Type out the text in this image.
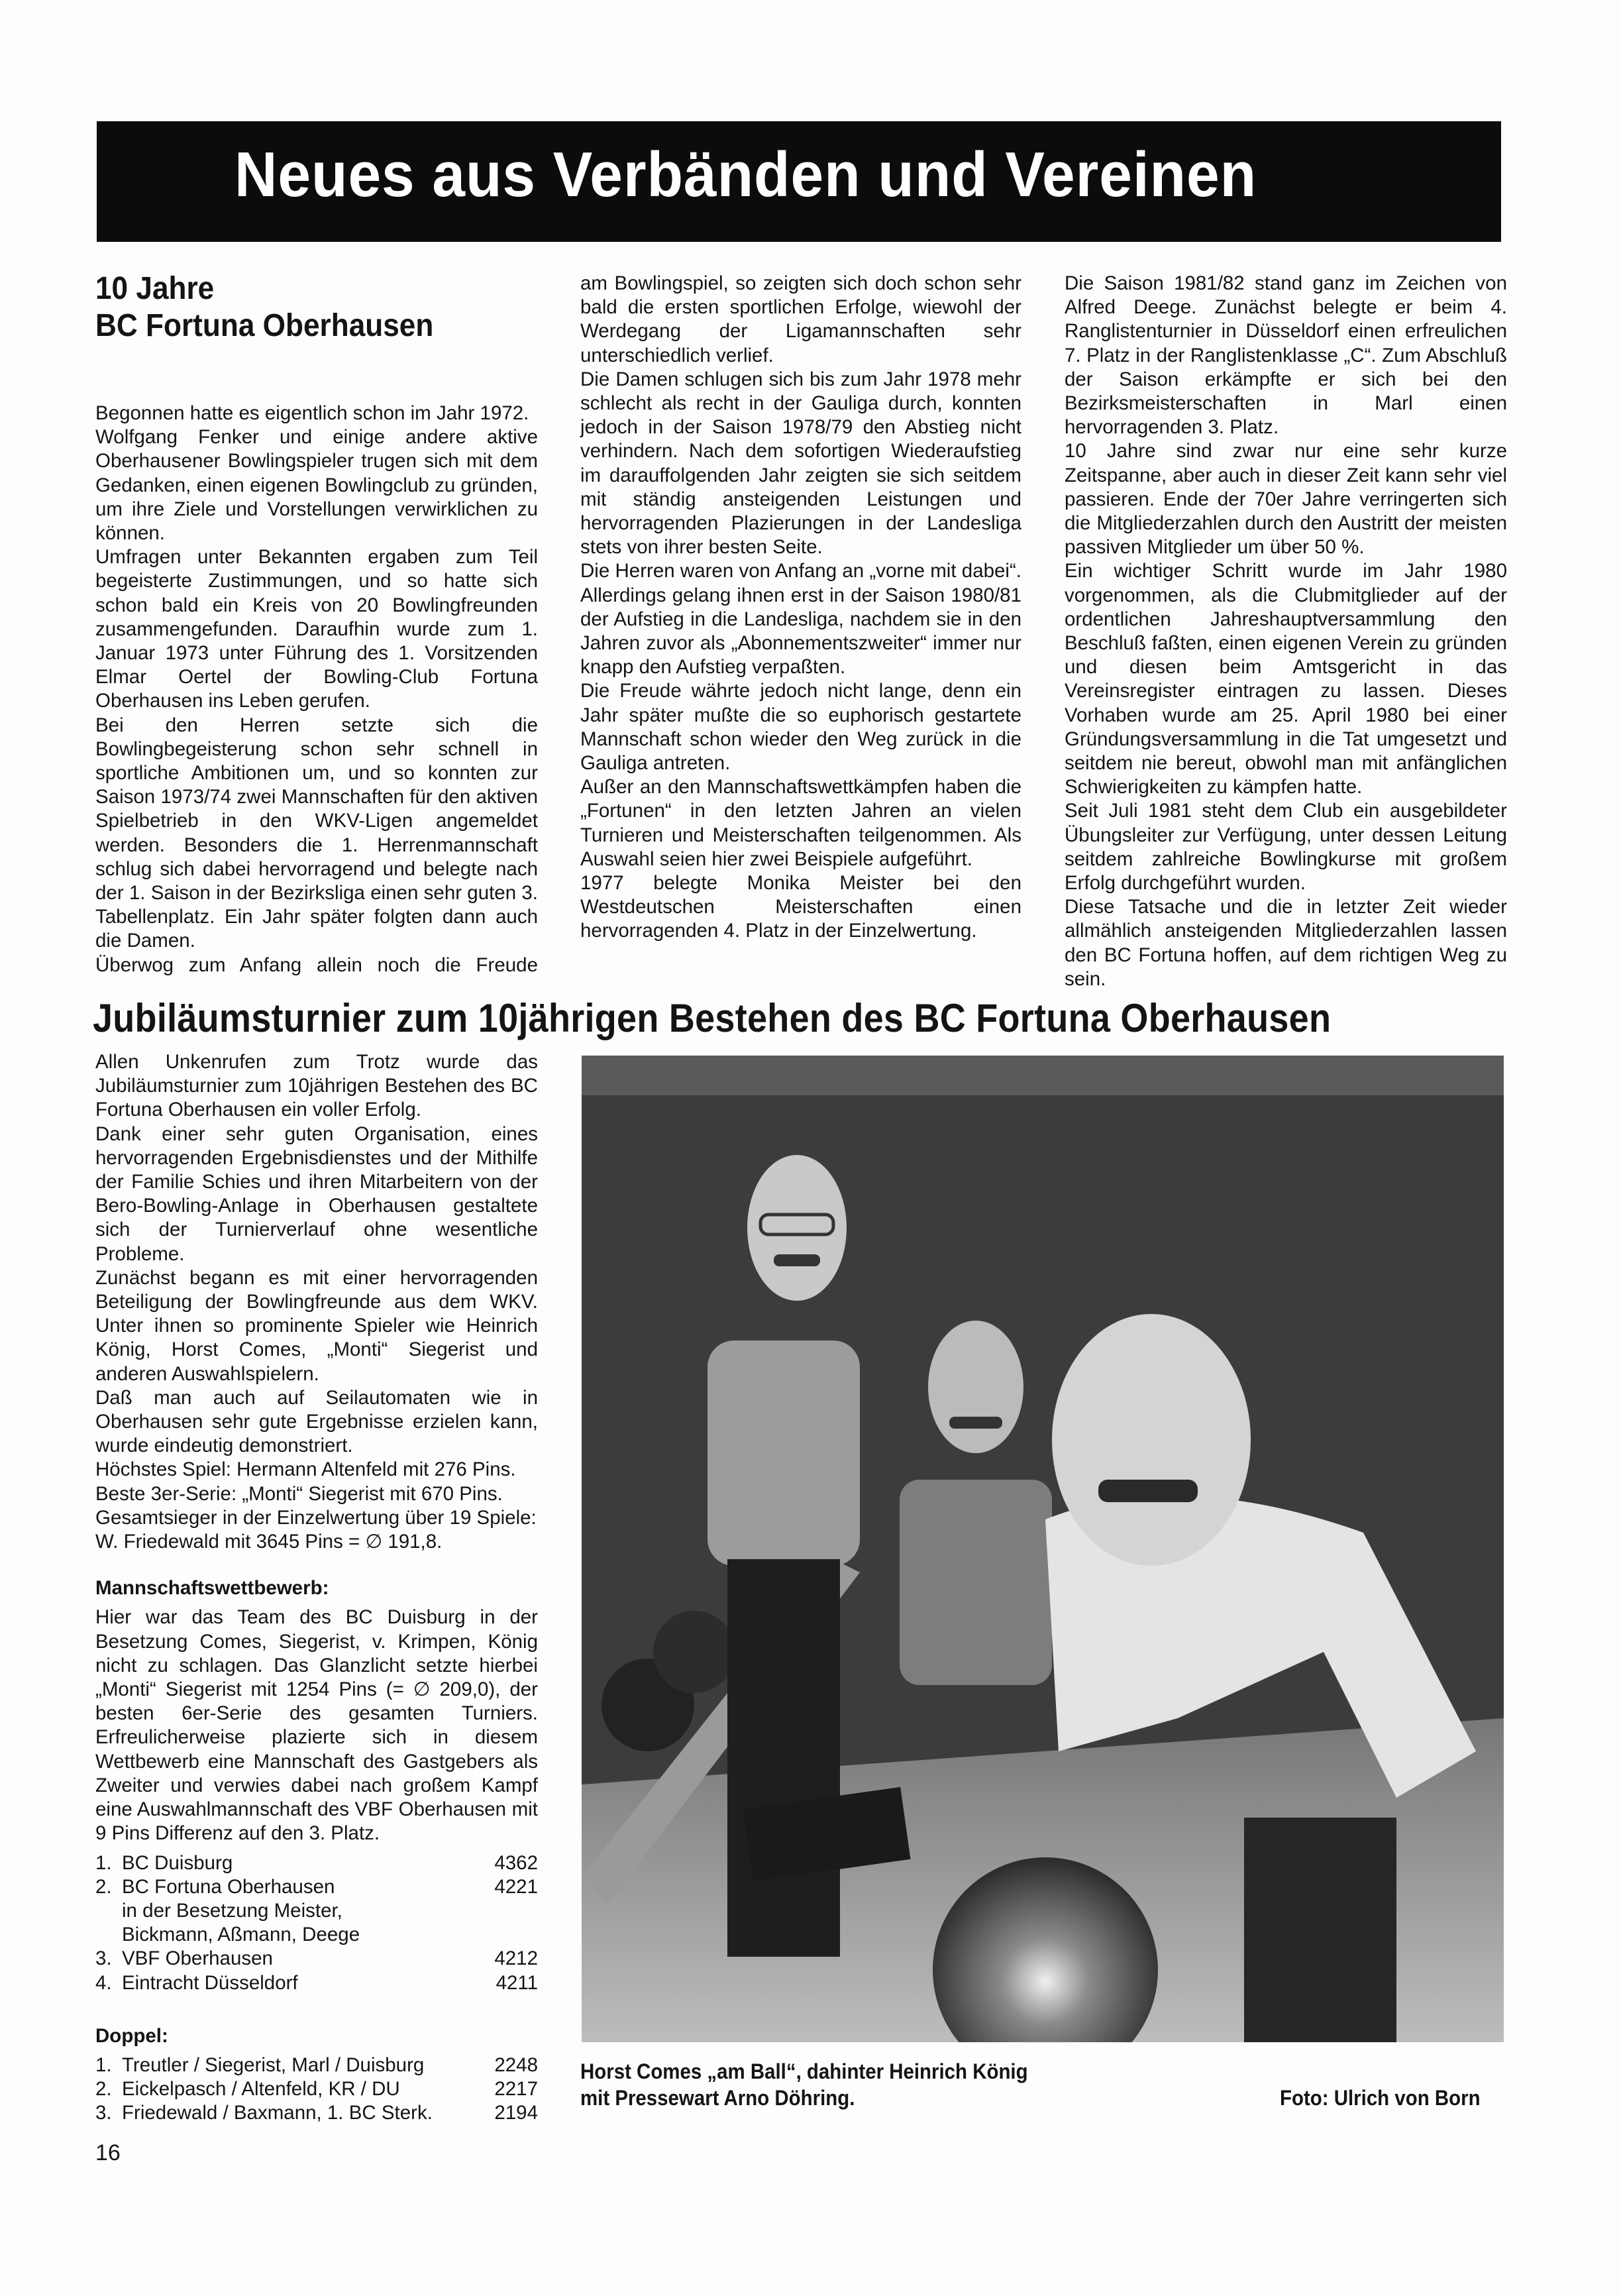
Neues aus Verbänden und Vereinen
10 Jahre
BC Fortuna Oberhausen

Begonnen hatte es eigentlich schon im Jahr 1972.

Wolfgang Fenker und einige andere aktive Oberhausener Bowlingspieler trugen sich mit dem Gedanken, einen eigenen Bowlingclub zu gründen, um ihre Ziele und Vorstellungen verwirklichen zu können.

Umfragen unter Bekannten ergaben zum Teil begeisterte Zustimmungen, und so hatte sich schon bald ein Kreis von 20 Bowlingfreunden zusammengefunden. Daraufhin wurde zum 1. Januar 1973 unter Führung des 1. Vorsitzenden Elmar Oertel der Bowling-Club Fortuna Oberhausen ins Leben gerufen.

Bei den Herren setzte sich die Bowlingbegeisterung schon sehr schnell in sportliche Ambitionen um, und so konnten zur Saison 1973/74 zwei Mannschaften für den aktiven Spielbetrieb in den WKV-Ligen angemeldet werden. Besonders die 1. Herrenmannschaft schlug sich dabei hervorragend und belegte nach der 1. Saison in der Bezirksliga einen sehr guten 3. Tabellenplatz. Ein Jahr später folgten dann auch die Damen.

Überwog zum Anfang allein noch die Freude

am Bowlingspiel, so zeigten sich doch schon sehr bald die ersten sportlichen Erfolge, wiewohl der Werdegang der Ligamannschaften sehr unterschiedlich verlief.

Die Damen schlugen sich bis zum Jahr 1978 mehr schlecht als recht in der Gauliga durch, konnten jedoch in der Saison 1978/79 den Abstieg nicht verhindern. Nach dem sofortigen Wiederaufstieg im darauffolgenden Jahr zeigten sie sich seitdem mit ständig ansteigenden Leistungen und hervorragenden Plazierungen in der Landesliga stets von ihrer besten Seite.

Die Herren waren von Anfang an „vorne mit dabei“. Allerdings gelang ihnen erst in der Saison 1980/81 der Aufstieg in die Landesliga, nachdem sie in den Jahren zuvor als „Abonnementszweiter“ immer nur knapp den Aufstieg verpaßten.

Die Freude währte jedoch nicht lange, denn ein Jahr später mußte die so euphorisch gestartete Mannschaft schon wieder den Weg zurück in die Gauliga antreten.

Außer an den Mannschaftswettkämpfen haben die „Fortunen“ in den letzten Jahren an vielen Turnieren und Meisterschaften teilgenommen. Als Auswahl seien hier zwei Beispiele aufgeführt.

1977 belegte Monika Meister bei den Westdeutschen Meisterschaften einen hervorragenden 4. Platz in der Einzelwertung.

Die Saison 1981/82 stand ganz im Zeichen von Alfred Deege. Zunächst belegte er beim 4. Ranglistenturnier in Düsseldorf einen erfreulichen 7. Platz in der Ranglistenklasse „C“. Zum Abschluß der Saison erkämpfte er sich bei den Bezirksmeisterschaften in Marl einen hervorragenden 3. Platz.

10 Jahre sind zwar nur eine sehr kurze Zeitspanne, aber auch in dieser Zeit kann sehr viel passieren. Ende der 70er Jahre verringerten sich die Mitgliederzahlen durch den Austritt der meisten passiven Mitglieder um über 50 %.

Ein wichtiger Schritt wurde im Jahr 1980 vorgenommen, als die Clubmitglieder auf der ordentlichen Jahreshauptversammlung den Beschluß faßten, einen eigenen Verein zu gründen und diesen beim Amtsgericht in das Vereinsregister eintragen zu lassen. Dieses Vorhaben wurde am 25. April 1980 bei einer Gründungsversammlung in die Tat umgesetzt und seitdem nie bereut, obwohl man mit anfänglichen Schwierigkeiten zu kämpfen hatte.

Seit Juli 1981 steht dem Club ein ausgebildeter Übungsleiter zur Verfügung, unter dessen Leitung seitdem zahlreiche Bowlingkurse mit großem Erfolg durchgeführt wurden.

Diese Tatsache und die in letzter Zeit wieder allmählich ansteigenden Mitgliederzahlen lassen den BC Fortuna hoffen, auf dem richtigen Weg zu sein.

Jubiläumsturnier zum 10jährigen Bestehen des BC Fortuna Oberhausen

Allen Unkenrufen zum Trotz wurde das Jubiläumsturnier zum 10jährigen Bestehen des BC Fortuna Oberhausen ein voller Erfolg.

Dank einer sehr guten Organisation, eines hervorragenden Ergebnisdienstes und der Mithilfe der Familie Schies und ihren Mitarbeitern von der Bero-Bowling-Anlage in Oberhausen gestaltete sich der Turnierverlauf ohne wesentliche Probleme.

Zunächst begann es mit einer hervorragenden Beteiligung der Bowlingfreunde aus dem WKV. Unter ihnen so prominente Spieler wie Heinrich König, Horst Comes, „Monti“ Siegerist und anderen Auswahlspielern.

Daß man auch auf Seilautomaten wie in Oberhausen sehr gute Ergebnisse erzielen kann, wurde eindeutig demonstriert.

Höchstes Spiel: Hermann Altenfeld mit 276 Pins.

Beste 3er-Serie: „Monti“ Siegerist mit 670 Pins.

Gesamtsieger in der Einzelwertung über 19 Spiele: W. Friedewald mit 3645 Pins = ∅ 191,8.

Mannschaftswettbewerb:

Hier war das Team des BC Duisburg in der Besetzung Comes, Siegerist, v. Krimpen, König nicht zu schlagen. Das Glanzlicht setzte hierbei „Monti“ Siegerist mit 1254 Pins (= ∅ 209,0), der besten 6er-Serie des gesamten Turniers. Erfreulicherweise plazierte sich in diesem Wettbewerb eine Mannschaft des Gastgebers als Zweiter und verwies dabei nach großem Kampf eine Auswahlmannschaft des VBF Oberhausen mit 9 Pins Differenz auf den 3. Platz.

1. BC Duisburg	4362
2. BC Fortuna Oberhausen	4221
in der Besetzung Meister, Bickmann, Aßmann, Deege
3. VBF Oberhausen	4212
4. Eintracht Düsseldorf	4211

Doppel:

1. Treutler / Siegerist, Marl / Duisburg	2248
2. Eickelpasch / Altenfeld, KR / DU	2217
3. Friedewald / Baxmann, 1. BC Sterk.	2194
Horst Comes „am Ball“, dahinter Heinrich König mit Pressewart Arno Döhring.	Foto: Ulrich von Born
16
